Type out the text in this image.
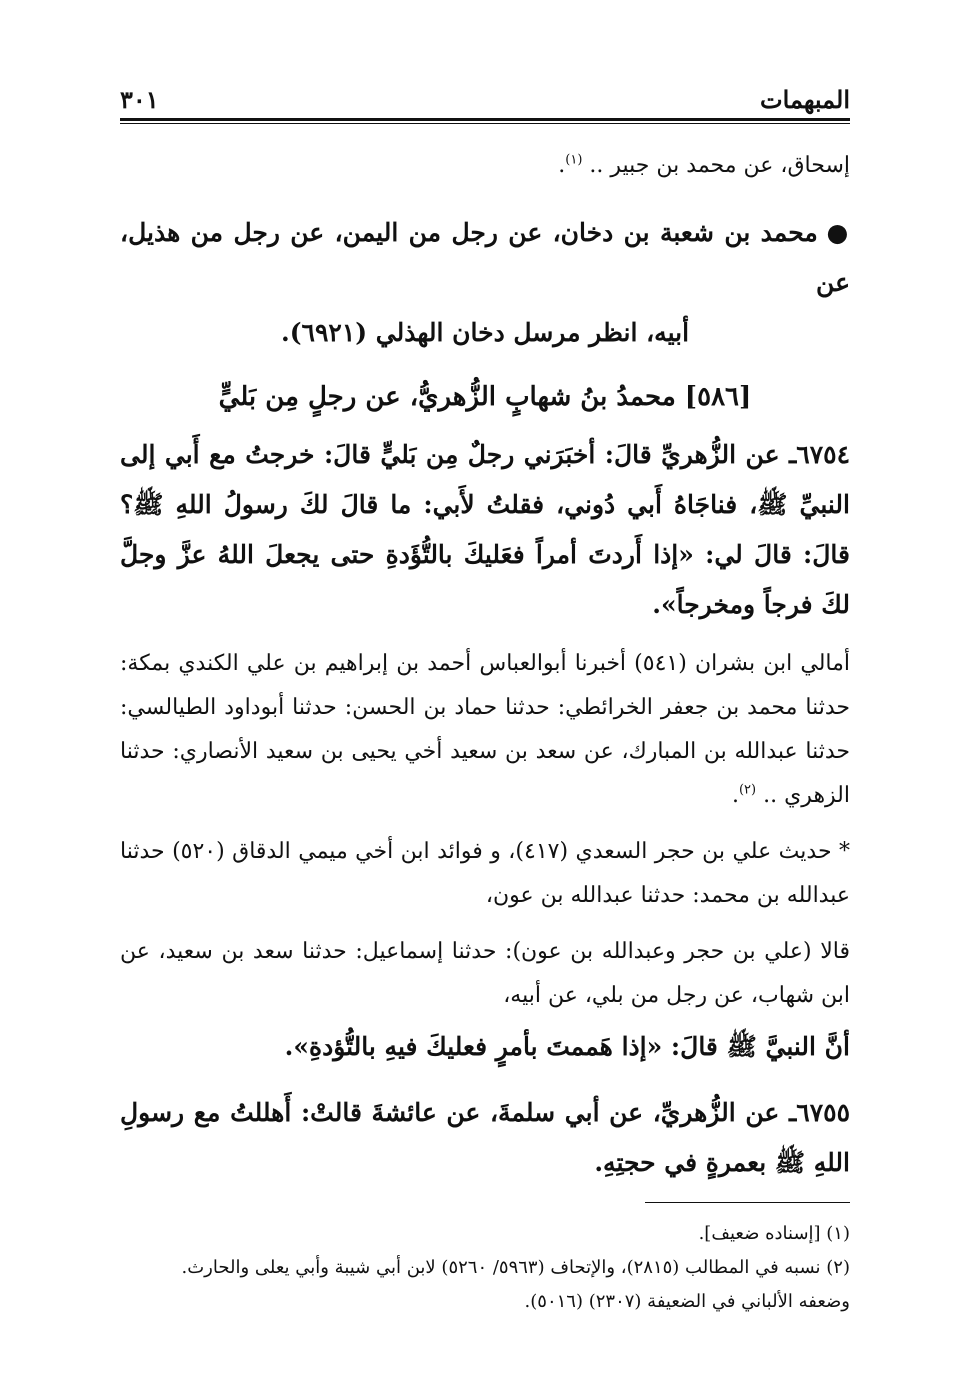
المبهمات
٣٠١

إسحاق، عن محمد بن جبير .. $^{(١)}$.

● محمد بن شعبة بن دخان، عن رجل من اليمن، عن رجل من هذيل، عن

أبيه، انظر مرسل دخان الهذلي (٦٩٢١).

[٥٨٦] محمدُ بنُ شهابٍ الزُّهريُّ، عن رجلٍ مِن بَليٍّ

٦٧٥٤ـ عن الزُّهريِّ قالَ: أخبَرَني رجلٌ مِن بَليٍّ قالَ: خرجتُ مع أَبي إلى النبيِّ ﷺ، فناجَاهُ أَبي دُوني، فقلتُ لأَبي: ما قالَ لكَ رسولُ اللهِ ﷺ؟ قالَ: قالَ لي: «إذا أَردتَ أمراً فعَليكَ بالتُّؤَدةِ حتى يجعلَ اللهُ عزَّ وجلَّ لكَ فرجاً ومخرجاً».

أمالي ابن بشران (٥٤١) أخبرنا أبوالعباس أحمد بن إبراهيم بن علي الكندي بمكة: حدثنا محمد بن جعفر الخرائطي: حدثنا حماد بن الحسن: حدثنا أبوداود الطيالسي: حدثنا عبدالله بن المبارك، عن سعد بن سعيد أخي يحيى بن سعيد الأنصاري: حدثنا الزهري .. $^{(٢)}$.

* حديث علي بن حجر السعدي (٤١٧)، و فوائد ابن أخي ميمي الدقاق (٥٢٠) حدثنا عبدالله بن محمد: حدثنا عبدالله بن عون،

قالا (علي بن حجر وعبدالله بن عون): حدثنا إسماعيل: حدثنا سعد بن سعيد، عن ابن شهاب، عن رجل من بلي، عن أبيه،

أنَّ النبيَّ ﷺ قالَ: «إذا هَممتَ بأمرٍ فعليكَ فيهِ بالتُّؤدةِ».

٦٧٥٥ـ عن الزُّهريِّ، عن أبي سلمةَ، عن عائشةَ قالتْ: أَهللتُ مع رسولِ اللهِ ﷺ بعمرةٍ في حجتِهِ.

(١) [إسناده ضعيف].

(٢) نسبه في المطالب (٢٨١٥)، والإتحاف (٥٩٦٣/ ٥٢٦٠) لابن أبي شيبة وأبي يعلى والحارث.

وضعفه الألباني في الضعيفة (٢٣٠٧) (٥٠١٦).
